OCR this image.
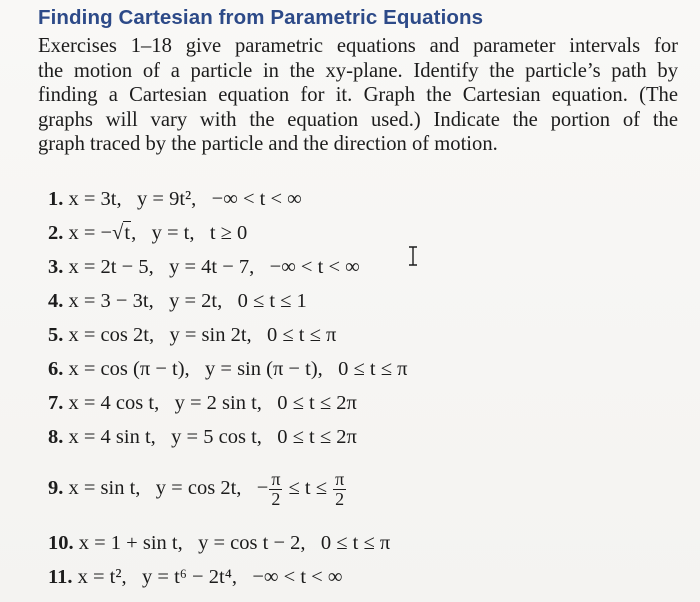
Finding Cartesian from Parametric Equations
Exercises 1–18 give parametric equations and parameter intervals for
the motion of a particle in the xy-plane. Identify the particle’s path by
finding a Cartesian equation for it. Graph the Cartesian equation. (The
graphs will vary with the equation used.) Indicate the portion of the
graph traced by the particle and the direction of motion.
1. x = 3t,   y = 9t²,   −∞ < t < ∞
2. x = −√t,   y = t,   t ≥ 0
3. x = 2t − 5,   y = 4t − 7,   −∞ < t < ∞
4. x = 3 − 3t,   y = 2t,   0 ≤ t ≤ 1
5. x = cos 2t,   y = sin 2t,   0 ≤ t ≤ π
6. x = cos (π − t),   y = sin (π − t),   0 ≤ t ≤ π
7. x = 4 cos t,   y = 2 sin t,   0 ≤ t ≤ 2π
8. x = 4 sin t,   y = 5 cos t,   0 ≤ t ≤ 2π
9. x = sin t,   y = cos 2t,   − $\frac{\pi}{2} \le t \le \frac{\pi}{2}$
10. x = 1 + sin t,   y = cos t − 2,   0 ≤ t ≤ π
11. x = t²,   y = t⁶ − 2t⁴,   −∞ < t < ∞
